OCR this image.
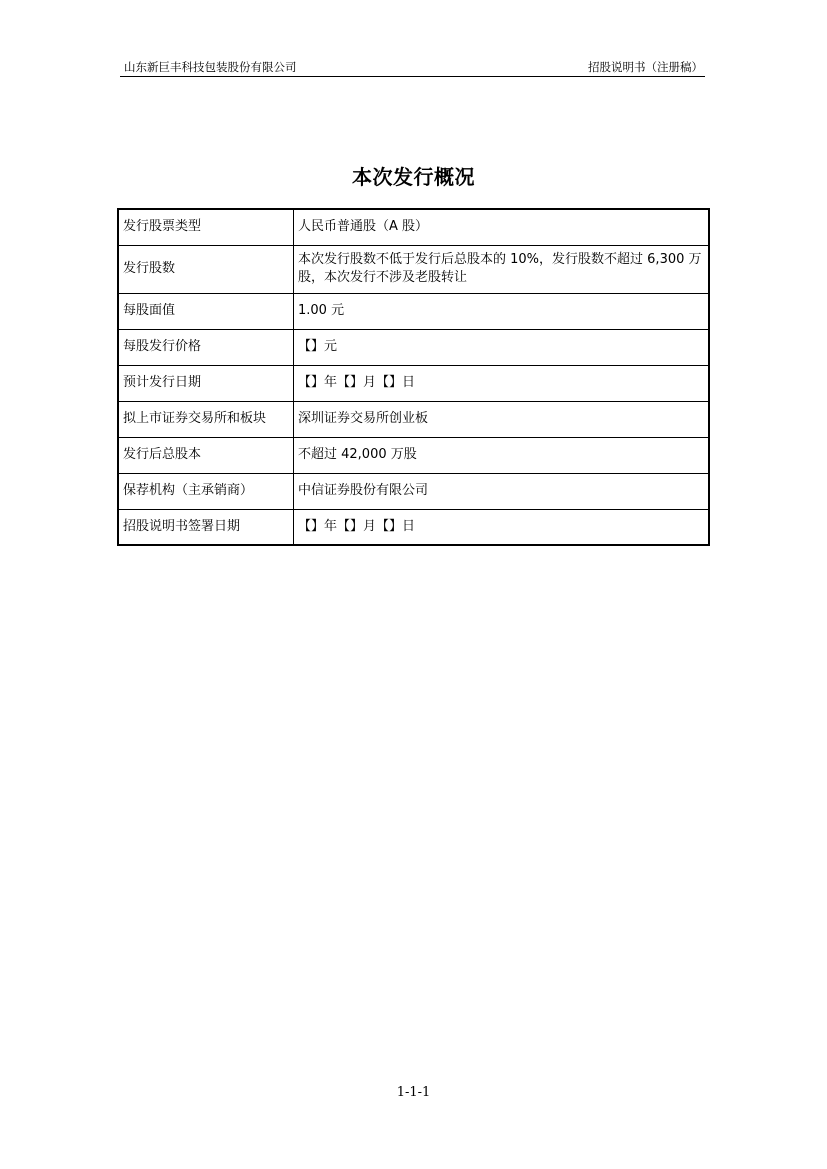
山东新巨丰科技包装股份有限公司	招股说明书（注册稿）
本次发行概况
发行股票类型	人民币普通股（A 股）
发行股数	本次发行股数不低于发行后总股本的 10%，发行股数不超过 6,300 万股，本次发行不涉及老股转让
每股面值	1.00 元
每股发行价格	【】元
预计发行日期	【】年【】月【】日
拟上市证券交易所和板块	深圳证券交易所创业板
发行后总股本	不超过 42,000 万股
保荐机构（主承销商）	中信证券股份有限公司
招股说明书签署日期	【】年【】月【】日
1-1-1
